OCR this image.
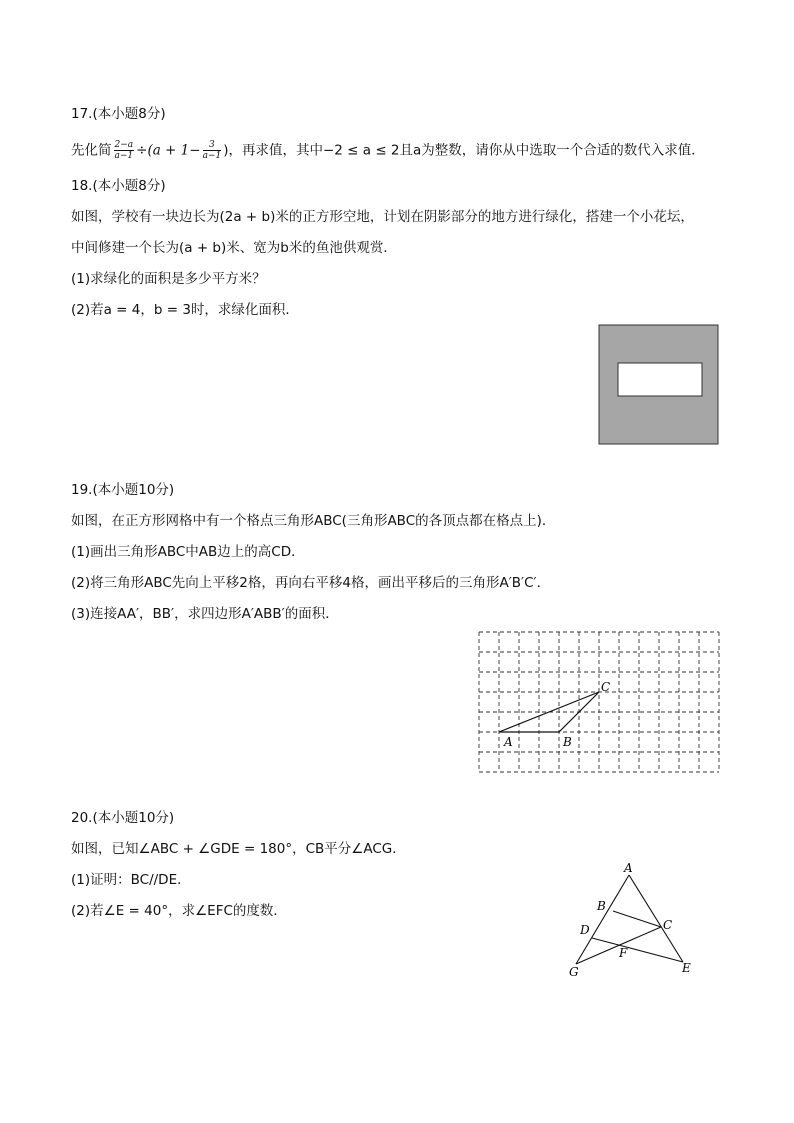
17.(本小题8分)
先化简 $\frac{2-a}{a-1} \div(a + 1- \frac{3}{a-1}$ )，再求值，其中−2 ≤ a ≤ 2且a为整数，请你从中选取一个合适的数代入求值．
18.(本小题8分)
如图，学校有一块边长为(2a + b)米的正方形空地，计划在阴影部分的地方进行绿化，搭建一个小花坛，
中间修建一个长为(a + b)米、宽为b米的鱼池供观赏．
(1)求绿化的面积是多少平方米？
(2)若a = 4，b = 3时，求绿化面积．
19.(本小题10分)
如图，在正方形网格中有一个格点三角形ABC(三角形ABC的各顶点都在格点上)．
(1)画出三角形ABC中AB边上的高CD．
(2)将三角形ABC先向上平移2格，再向右平移4格，画出平移后的三角形A′B′C′．
(3)连接AA′，BB′，求四边形A′ABB′的面积．
A	B
C
20.(本小题10分)
如图，已知∠ABC + ∠GDE = 180°，CB平分∠ACG．
(1)证明：BC//DE．
(2)若∠E = 40°，求∠EFC的度数．
A
B
C
D
E
F
G
